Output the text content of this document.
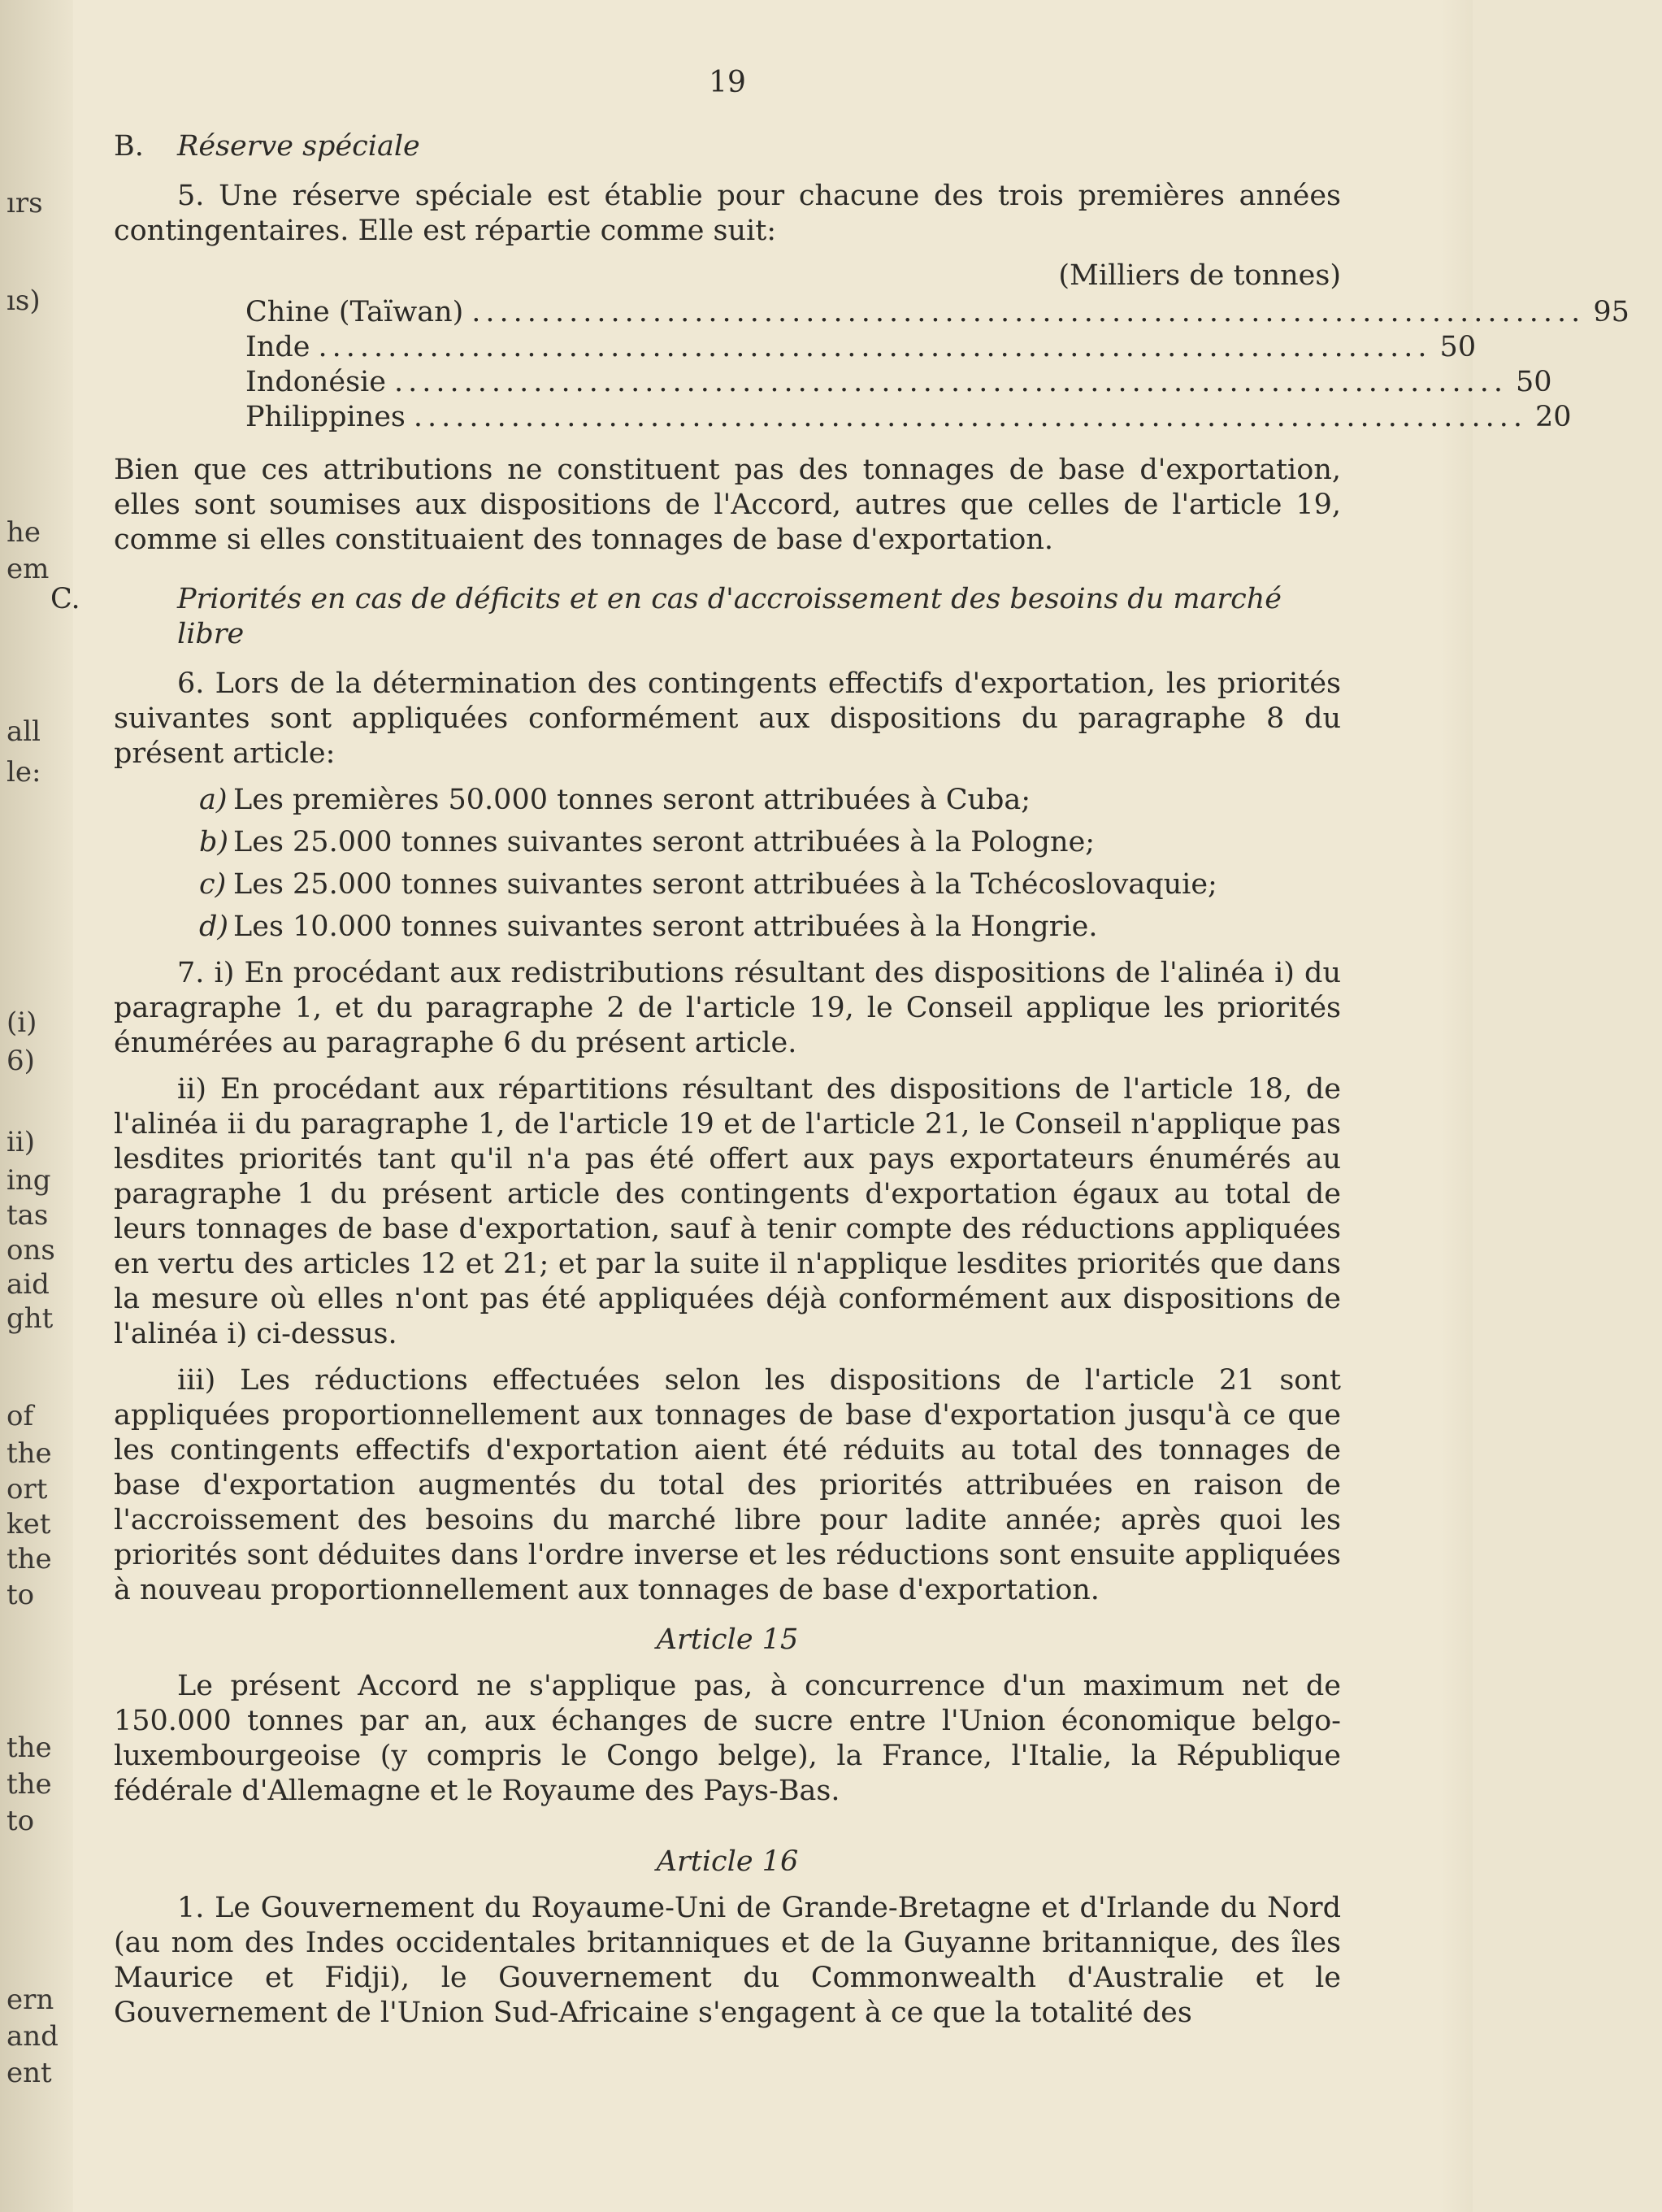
ırs
ıs)
he
em
all
le:
(i)
6)
ii)
ing
tas
ons
aid
ght
of
the
ort
ket
the
to
the
the
to
ern
and
ent
19
B. Réserve spéciale

5. Une réserve spéciale est établie pour chacune des trois premières années contingentaires. Elle est répartie comme suit:

(Milliers de tonnes)
Chine (Taïwan) ................................................................................ 95
Inde ................................................................................ 50
Indonésie ................................................................................ 50
Philippines ................................................................................ 20

Bien que ces attributions ne constituent pas des tonnages de base d'exportation, elles sont soumises aux dispositions de l'Accord, autres que celles de l'article 19, comme si elles constituaient des tonnages de base d'exportation.

C.	Priorités en cas de déficits et en cas d'accroissement des besoins du marché libre

6. Lors de la détermination des contingents effectifs d'exportation, les priorités suivantes sont appliquées conformément aux dispositions du paragraphe 8 du présent article:

a) Les premières 50.000 tonnes seront attribuées à Cuba;
b) Les 25.000 tonnes suivantes seront attribuées à la Pologne;
c) Les 25.000 tonnes suivantes seront attribuées à la Tchécoslovaquie;
d) Les 10.000 tonnes suivantes seront attribuées à la Hongrie.

7. i) En procédant aux redistributions résultant des dispositions de l'alinéa i) du paragraphe 1, et du paragraphe 2 de l'article 19, le Conseil applique les priorités énumérées au paragraphe 6 du présent article.

ii) En procédant aux répartitions résultant des dispositions de l'article 18, de l'alinéa ii du paragraphe 1, de l'article 19 et de l'article 21, le Conseil n'applique pas lesdites priorités tant qu'il n'a pas été offert aux pays exportateurs énumérés au paragraphe 1 du présent article des contingents d'exportation égaux au total de leurs tonnages de base d'exportation, sauf à tenir compte des réductions appliquées en vertu des articles 12 et 21; et par la suite il n'applique lesdites priorités que dans la mesure où elles n'ont pas été appliquées déjà conformément aux dispositions de l'alinéa i) ci-dessus.

iii) Les réductions effectuées selon les dispositions de l'article 21 sont appliquées proportionnellement aux tonnages de base d'exportation jusqu'à ce que les contingents effectifs d'exportation aient été réduits au total des tonnages de base d'exportation augmentés du total des priorités attribuées en raison de l'accroissement des besoins du marché libre pour ladite année; après quoi les priorités sont déduites dans l'ordre inverse et les réductions sont ensuite appliquées à nouveau proportionnellement aux tonnages de base d'exportation.

Article 15

Le présent Accord ne s'applique pas, à concurrence d'un maximum net de 150.000 tonnes par an, aux échanges de sucre entre l'Union économique belgo-luxembourgeoise (y compris le Congo belge), la France, l'Italie, la République fédérale d'Allemagne et le Royaume des Pays-Bas.

Article 16

1. Le Gouvernement du Royaume-Uni de Grande-Bretagne et d'Irlande du Nord (au nom des Indes occidentales britanniques et de la Guyanne britannique, des îles Maurice et Fidji), le Gouvernement du Commonwealth d'Australie et le Gouvernement de l'Union Sud-Africaine s'engagent à ce que la totalité des
